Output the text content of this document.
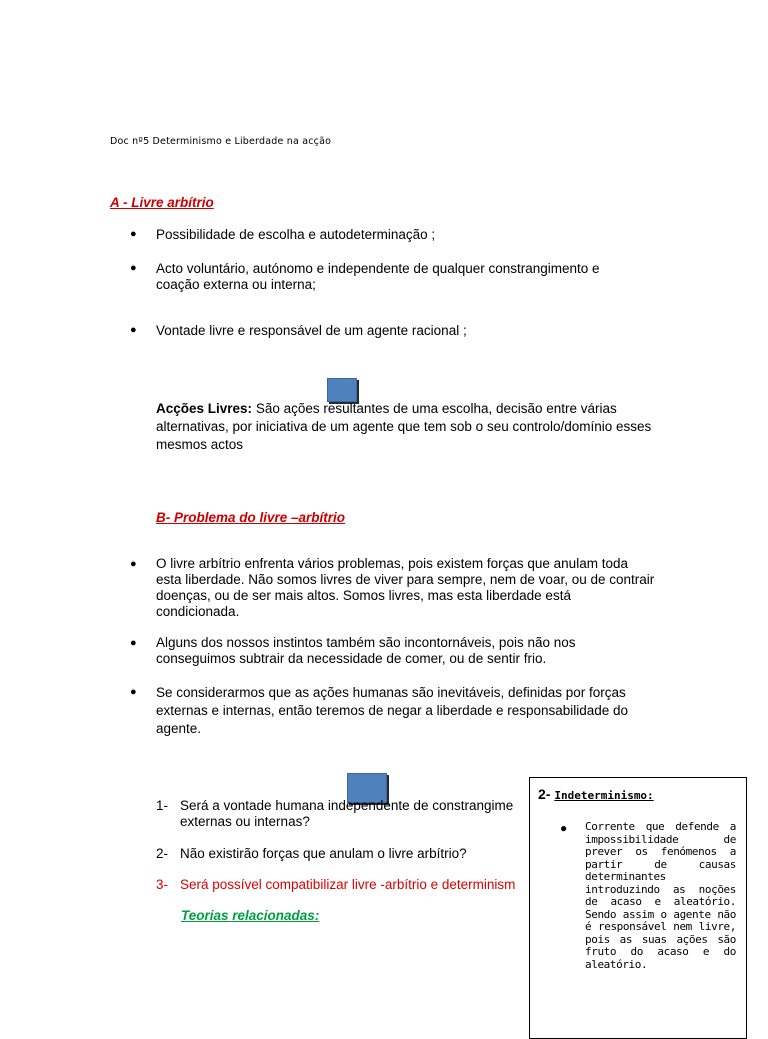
Doc nº5 Determinismo e Liberdade na acção
A - Livre arbítrio
● Possibilidade de escolha e autodeterminação ;
● Acto voluntário, autónomo e independente de qualquer constrangimento e coação externa ou interna;
● Vontade livre e responsável de um agente racional ;
Acções Livres: São ações resultantes de uma escolha, decisão entre várias alternativas, por iniciativa de um agente que tem sob o seu controlo/domínio esses mesmos actos
B- Problema do livre –arbítrio
● O livre arbítrio enfrenta vários problemas, pois existem forças que anulam toda esta liberdade. Não somos livres de viver para sempre, nem de voar, ou de contrair doenças, ou de ser mais altos. Somos livres, mas esta liberdade está condicionada.
● Alguns dos nossos instintos também são incontornáveis, pois não nos conseguimos subtrair da necessidade de comer, ou de sentir frio.
● Se considerarmos que as ações humanas são inevitáveis, definidas por forças externas e internas, então teremos de negar a liberdade e responsabilidade do agente.
1- Será a vontade humana independente de constrangime
externas ou internas?
2- Não existirão forças que anulam o livre arbítrio?
3- Será possível compatibilizar livre -arbítrio e determinism
Teorias relacionadas:
2- Indeterminismo:
● Corrente que defende a impossibilidade de prever os fenómenos a partir de causas determinantes introduzindo as noções de acaso e aleatório. Sendo assim o agente não é responsável nem livre, pois as suas ações são fruto do acaso e do aleatório.
